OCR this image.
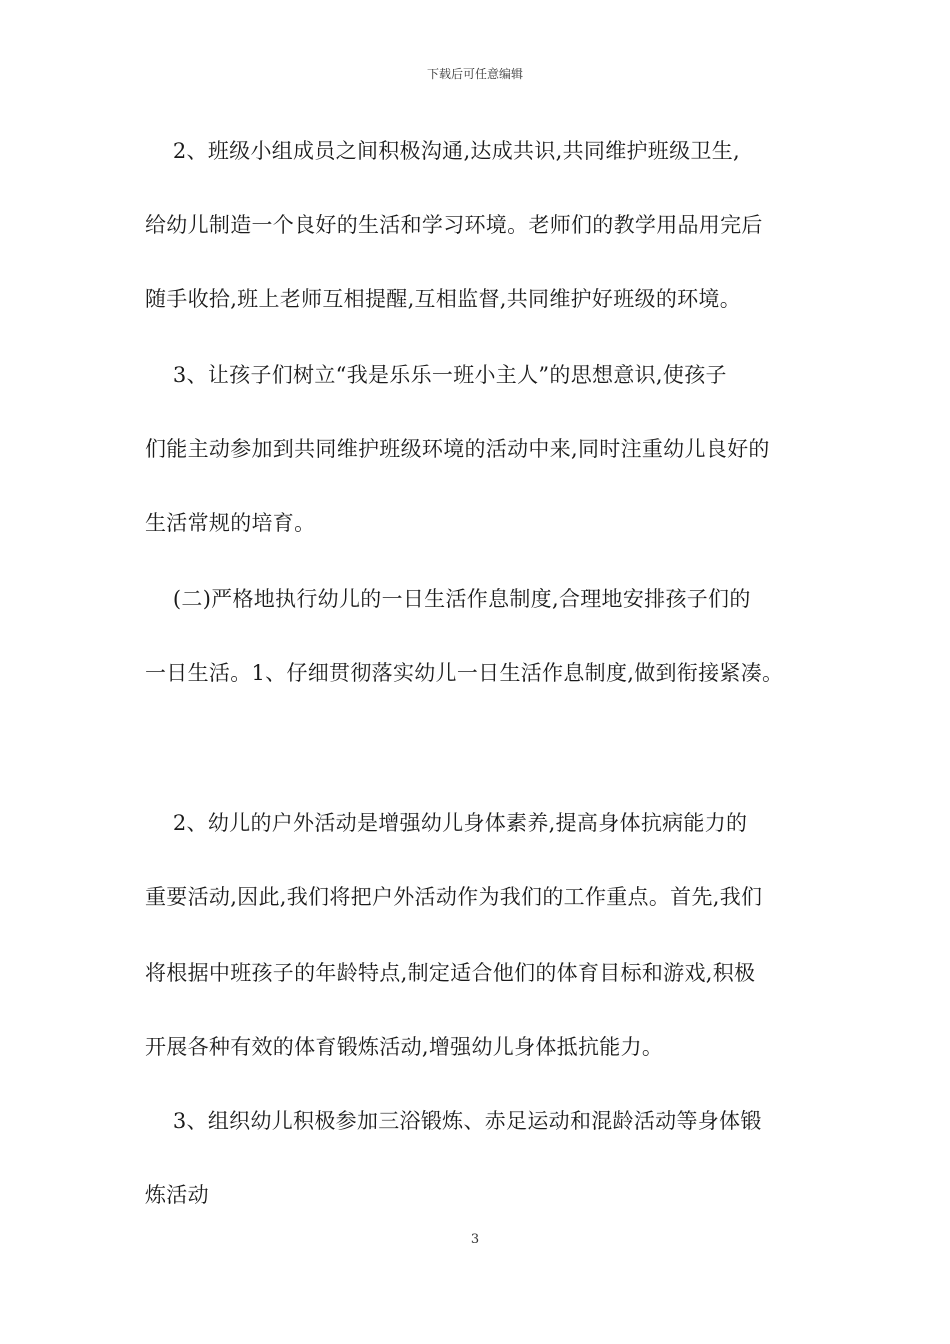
下载后可任意编辑
2、班级小组成员之间积极沟通,达成共识,共同维护班级卫生,
给幼儿制造一个良好的生活和学习环境。老师们的教学用品用完后
随手收拾,班上老师互相提醒,互相监督,共同维护好班级的环境。
3、让孩子们树立“我是乐乐一班小主人”的思想意识,使孩子
们能主动参加到共同维护班级环境的活动中来,同时注重幼儿良好的
生活常规的培育。
(二)严格地执行幼儿的一日生活作息制度,合理地安排孩子们的
一日生活。1、仔细贯彻落实幼儿一日生活作息制度,做到衔接紧凑。
2、幼儿的户外活动是增强幼儿身体素养,提高身体抗病能力的
重要活动,因此,我们将把户外活动作为我们的工作重点。首先,我们
将根据中班孩子的年龄特点,制定适合他们的体育目标和游戏,积极
开展各种有效的体育锻炼活动,增强幼儿身体抵抗能力。
3、组织幼儿积极参加三浴锻炼、赤足运动和混龄活动等身体锻
炼活动
3
